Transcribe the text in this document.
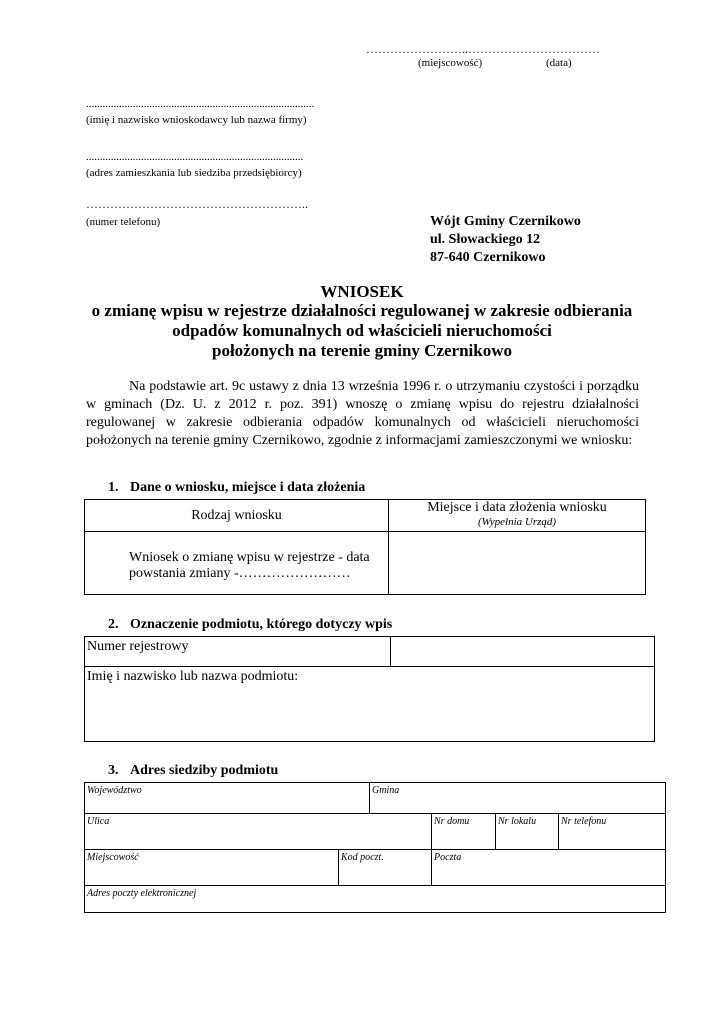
……………………..……………………………
(miejscowość)	(data)
...................................................................................
(imię i nazwisko wnioskodawcy lub nazwa firmy)
...............................................................................
(adres zamieszkania lub siedziba przedsiębiorcy)
………………………………………………..
(numer telefonu)	Wójt Gminy Czernikowo
ul. Słowackiego 12
87-640 Czernikowo
WNIOSEK
o zmianę wpisu w rejestrze działalności regulowanej w zakresie odbierania
odpadów komunalnych od właścicieli nieruchomości
położonych na terenie gminy Czernikowo
Na podstawie art. 9c ustawy z dnia 13 września 1996 r. o utrzymaniu czystości i porządku w gminach (Dz. U. z 2012 r. poz. 391) wnoszę o zmianę wpisu do rejestru działalności regulowanej w zakresie odbierania odpadów komunalnych od właścicieli nieruchomości położonych na terenie gminy Czernikowo, zgodnie z informacjami zamieszczonymi we wniosku:
1. Dane o wniosku, miejsce i data złożenia
Rodzaj wniosku	Miejsce i data złożenia wniosku
(Wypełnia Urząd)

Wniosek o zmianę wpisu w rejestrze - data
powstania zmiany -……………………	

2. Oznaczenie podmiotu, którego dotyczy wpis
Numer rejestrowy	
Imię i nazwisko lub nazwa podmiotu:
3. Adres siedziby podmiotu
Województwo		Gmina			
Ulica			Nr domu	Nr lokalu	Nr telefonu
Miejscowość	Kod poczt.		Poczta		
Adres poczty elektronicznej					
